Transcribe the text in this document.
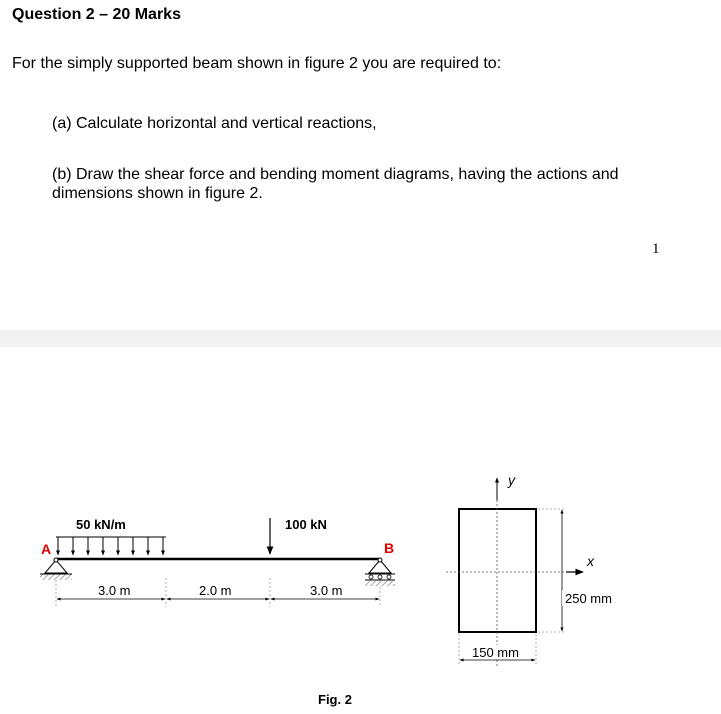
Question 2 – 20 Marks
For the simply supported beam shown in figure 2 you are required to:
(a) Calculate horizontal and vertical reactions,
(b) Draw the shear force and bending moment diagrams, having the actions and dimensions shown in figure 2.
1
A	B
50 kN/m	100 kN
3.0 m	2.0 m	3.0 m
Fig. 2
y
x
250 mm
150 mm
